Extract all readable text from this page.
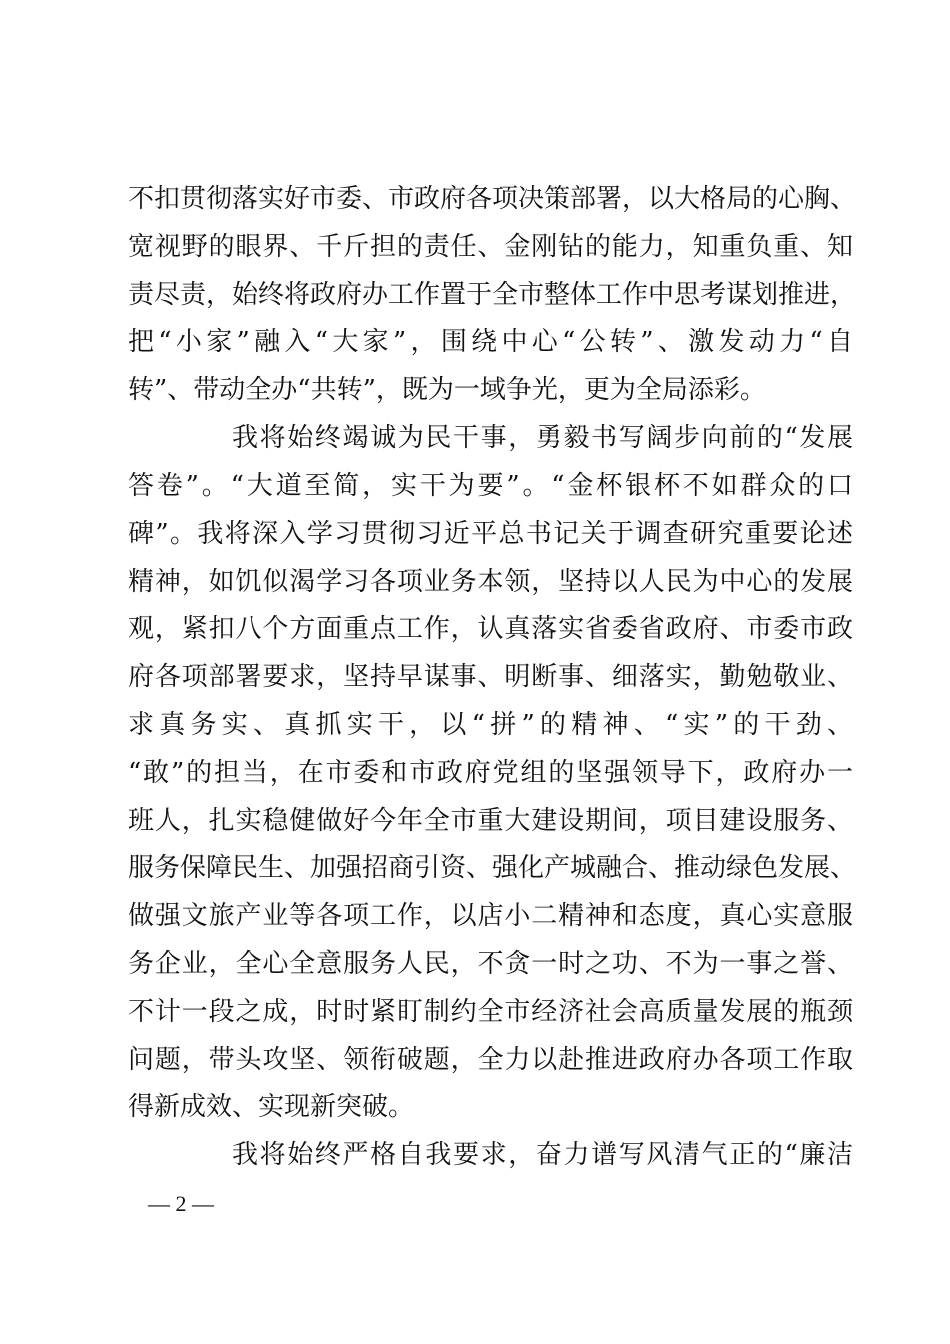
不扣贯彻落实好市委、市政府各项决策部署，以大格局的心胸、
宽视野的眼界、千斤担的责任、金刚钻的能力，知重负重、知
责尽责，始终将政府办工作置于全市整体工作中思考谋划推进，
把“小家”融入“大家”，围绕中心“公转”、激发动力“自
转”、带动全办“共转”，既为一域争光，更为全局添彩。
我将始终竭诚为民干事，勇毅书写阔步向前的“发展
答卷”。“大道至简，实干为要”。“金杯银杯不如群众的口
碑”。我将深入学习贯彻习近平总书记关于调查研究重要论述
精神，如饥似渴学习各项业务本领，坚持以人民为中心的发展
观，紧扣八个方面重点工作，认真落实省委省政府、市委市政
府各项部署要求，坚持早谋事、明断事、细落实，勤勉敬业、
求真务实、真抓实干，以“拼”的精神、“实”的干劲、
“敢”的担当，在市委和市政府党组的坚强领导下，政府办一
班人，扎实稳健做好今年全市重大建设期间，项目建设服务、
服务保障民生、加强招商引资、强化产城融合、推动绿色发展、
做强文旅产业等各项工作，以店小二精神和态度，真心实意服
务企业，全心全意服务人民，不贪一时之功、不为一事之誉、
不计一段之成，时时紧盯制约全市经济社会高质量发展的瓶颈
问题，带头攻坚、领衔破题，全力以赴推进政府办各项工作取
得新成效、实现新突破。
我将始终严格自我要求，奋力谱写风清气正的“廉洁
— 2 —
